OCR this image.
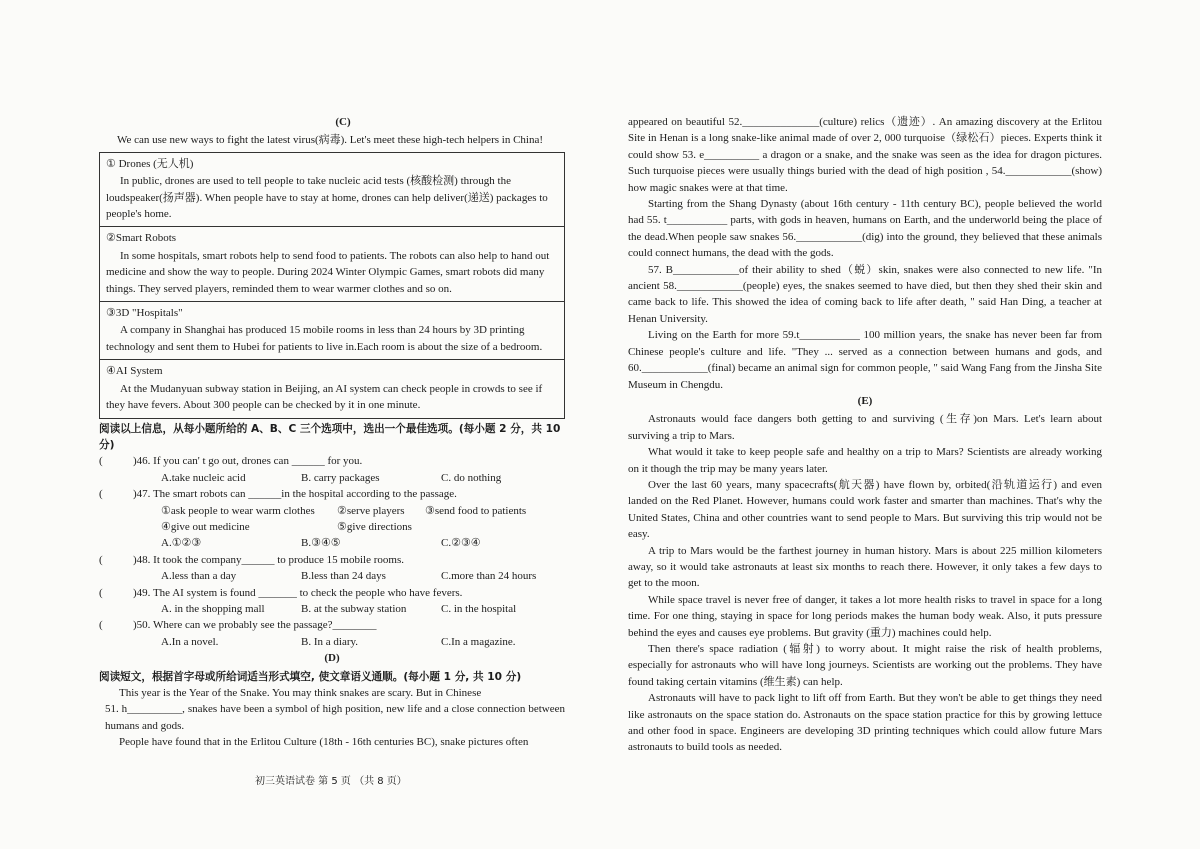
(C)

We can use new ways to fight the latest virus(病毒). Let's meet these high-tech helpers in China!

① Drones (无人机)

In public, drones are used to tell people to take nucleic acid tests (核酸检测) through the loudspeaker(扬声器). When people have to stay at home, drones can help deliver(递送) packages to people's home.

②Smart Robots

In some hospitals, smart robots help to send food to patients. The robots can also help to hand out medicine and show the way to people. During 2024 Winter Olympic Games, smart robots did many things. They served players, reminded them to wear warmer clothes and so on.

③3D "Hospitals"

A company in Shanghai has produced 15 mobile rooms in less than 24 hours by 3D printing technology and sent them to Hubei for patients to live in.Each room is about the size of a bedroom.

④AI System

At the Mudanyuan subway station in Beijing, an AI system can check people in crowds to see if they have fevers. About 300 people can be checked by it in one minute.

阅读以上信息，从每小题所给的 A、B、C 三个选项中，选出一个最佳选项。(每小题 2 分，共 10 分)

(	)46. If you can' t go out, drones can ______ for you.
A.take nucleic acid	B. carry packages	C. do nothing
(	)47. The smart robots can ______in the hospital according to the passage.
①ask people to wear warm clothes	②serve players	③send food to patients
④give out medicine	⑤give directions
A.①②③	B.③④⑤	C.②③④
(	)48. It took the company______ to produce 15 mobile rooms.
A.less than a day	B.less than 24 days	C.more than 24 hours
(	)49. The AI system is found _______ to check the people who have fevers.
A. in the shopping mall	B. at the subway station	C. in the hospital
(	)50. Where can we probably see the passage?________
A.In a novel.	B. In a diary.	C.In a magazine.

(D)

阅读短文，根据首字母或所给词适当形式填空, 使文章语义通顺。(每小题 1 分, 共 10 分)

This year is the Year of the Snake. You may think snakes are scary. But in Chinese

51. h__________, snakes have been a symbol of high position, new life and a close connection between humans and gods.

People have found that in the Erlitou Culture (18th - 16th centuries BC), snake pictures often

appeared on beautiful 52.______________(culture) relics（遗迹）. An amazing discovery at the Erlitou Site in Henan is a long snake-like animal made of over 2, 000 turquoise（绿松石）pieces. Experts think it could show 53. e__________ a dragon or a snake, and the snake was seen as the idea for dragon pictures. Such turquoise pieces were usually things buried with the dead of high position , 54.____________(show) how magic snakes were at that time.

Starting from the Shang Dynasty (about 16th century - 11th century BC), people believed the world had 55. t___________ parts, with gods in heaven, humans on Earth, and the underworld being the place of the dead.When people saw snakes 56.____________(dig) into the ground, they believed that these animals could connect humans, the dead with the gods.

57. B____________of their ability to shed（蜕）skin, snakes were also connected to new life. "In ancient 58.____________(people) eyes, the snakes seemed to have died, but then they shed their skin and came back to life. This showed the idea of coming back to life after death, " said Han Ding, a teacher at Henan University.

Living on the Earth for more 59.t___________ 100 million years, the snake has never been far from Chinese people's culture and life. "They ... served as a connection between humans and gods, and 60.____________(final) became an animal sign for common people, " said Wang Fang from the Jinsha Site Museum in Chengdu.

(E)

Astronauts would face dangers both getting to and surviving (生存)on Mars. Let's learn about surviving a trip to Mars.

What would it take to keep people safe and healthy on a trip to Mars? Scientists are already working on it though the trip may be many years later.

Over the last 60 years, many spacecrafts(航天器) have flown by, orbited(沿轨道运行) and even landed on the Red Planet. However, humans could work faster and smarter than machines. That's why the United States, China and other countries want to send people to Mars. But surviving this trip would not be easy.

A trip to Mars would be the farthest journey in human history. Mars is about 225 million kilometers away, so it would take astronauts at least six months to reach there. However, it only takes a few days to get to the moon.

While space travel is never free of danger, it takes a lot more health risks to travel in space for a long time. For one thing, staying in space for long periods makes the human body weak. Also, it puts pressure behind the eyes and causes eye problems. But gravity (重力) machines could help.

Then there's space radiation (辐射) to worry about. It might raise the risk of health problems, especially for astronauts who will have long journeys. Scientists are working out the problems. They have found taking certain vitamins (维生素) can help.

Astronauts will have to pack light to lift off from Earth. But they won't be able to get things they need like astronauts on the space station do. Astronauts on the space station practice for this by growing lettuce and other food in space. Engineers are developing 3D printing techniques which could allow future Mars astronauts to build tools as needed.

初三英语试卷 第 5 页 （共 8 页）
